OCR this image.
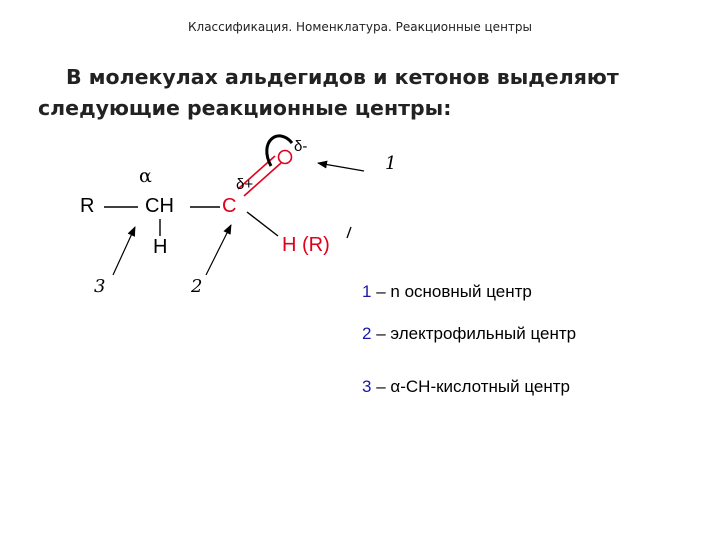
Классификация. Номенклатура. Реакционные центры
В молекулах альдегидов и кетонов выделяют
следующие реакционные центры:
R	CH
H
C
H (R)
α
δ-
δ+
1
2
3	1 – n основный центр
2 – электрофильный центр
3 – α-CH-кислотный центр
